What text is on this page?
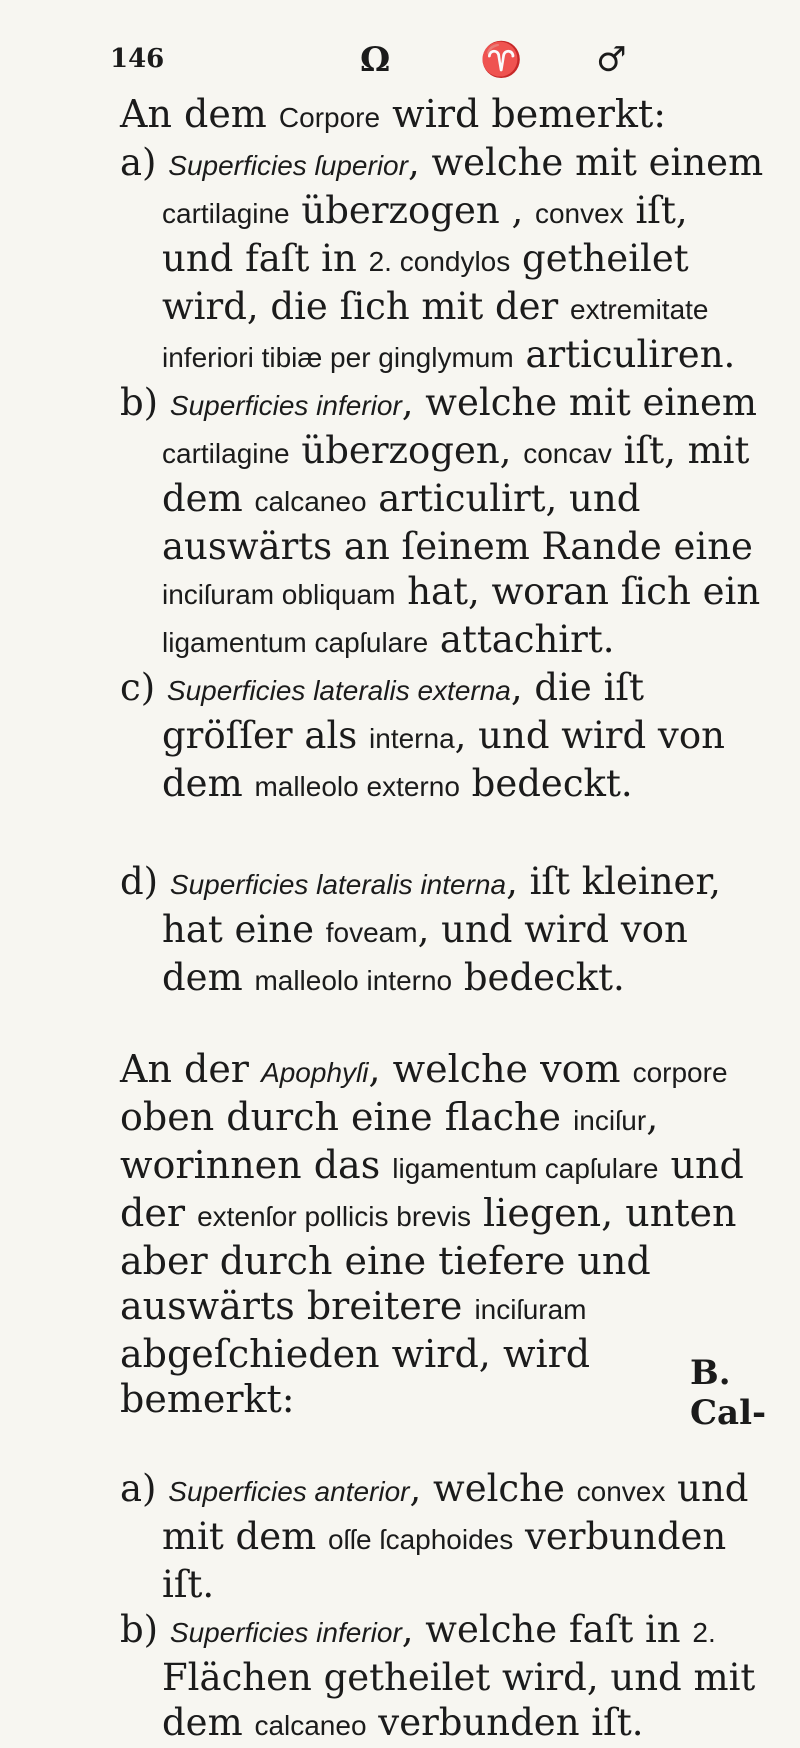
146	Ω	♈ ♂

An dem Corpore wird bemerkt:

a) Superficies ſuperior, welche mit einem cartilagine überzogen , convex iſt, und faſt in 2. condylos getheilet wird, die ſich mit der extremitate inferiori tibiæ per ginglymum articuliren.

b) Superficies inferior, welche mit einem cartilagine überzogen, concav iſt, mit dem calcaneo articulirt, und auswärts an ſeinem Rande eine inciſuram obliquam hat, woran ſich ein ligamentum capſulare attachirt.

c) Superficies lateralis externa, die iſt gröſſer als interna, und wird von dem malleolo externo bedeckt.

d) Superficies lateralis interna, iſt kleiner, hat eine foveam, und wird von dem malleolo interno bedeckt.

An der Apophyſi, welche vom corpore oben durch eine flache inciſur, worinnen das ligamentum capſulare und der extenſor pollicis brevis liegen, unten aber durch eine tiefere und auswärts breitere inciſuram abgeſchieden wird, wird bemerkt:

a) Superficies anterior, welche convex und mit dem oſſe ſcaphoides verbunden iſt.

b) Superficies inferior, welche faſt in 2. Flächen getheilet wird, und mit dem calcaneo verbunden iſt.

B. Cal-
